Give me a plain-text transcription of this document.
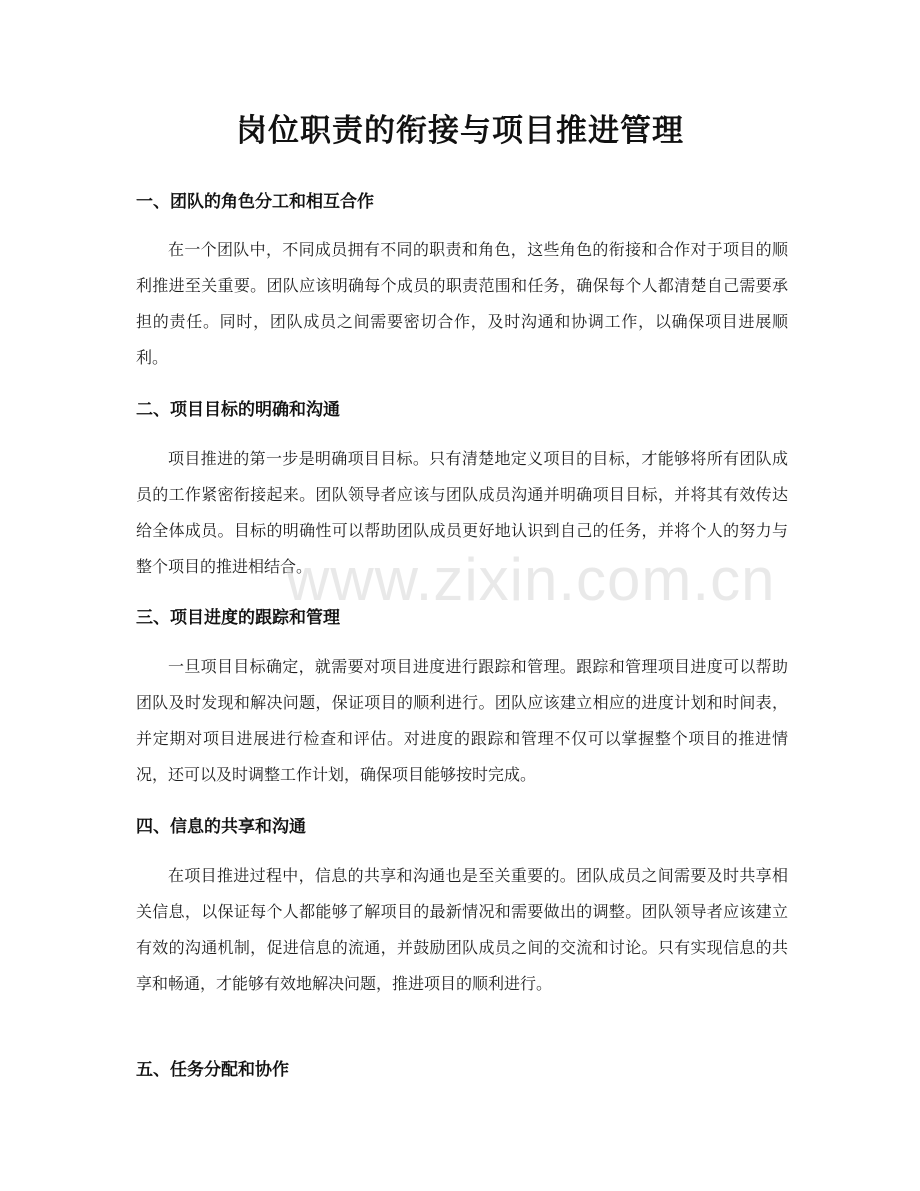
岗位职责的衔接与项目推进管理
一、团队的角色分工和相互合作

在一个团队中，不同成员拥有不同的职责和角色，这些角色的衔接和合作对于项目的顺利推进至关重要。团队应该明确每个成员的职责范围和任务，确保每个人都清楚自己需要承担的责任。同时，团队成员之间需要密切合作，及时沟通和协调工作，以确保项目进展顺利。

二、项目目标的明确和沟通

项目推进的第一步是明确项目目标。只有清楚地定义项目的目标，才能够将所有团队成员的工作紧密衔接起来。团队领导者应该与团队成员沟通并明确项目目标，并将其有效传达给全体成员。目标的明确性可以帮助团队成员更好地认识到自己的任务，并将个人的努力与整个项目的推进相结合。

三、项目进度的跟踪和管理

一旦项目目标确定，就需要对项目进度进行跟踪和管理。跟踪和管理项目进度可以帮助团队及时发现和解决问题，保证项目的顺利进行。团队应该建立相应的进度计划和时间表，并定期对项目进展进行检查和评估。对进度的跟踪和管理不仅可以掌握整个项目的推进情况，还可以及时调整工作计划，确保项目能够按时完成。

四、信息的共享和沟通

在项目推进过程中，信息的共享和沟通也是至关重要的。团队成员之间需要及时共享相关信息，以保证每个人都能够了解项目的最新情况和需要做出的调整。团队领导者应该建立有效的沟通机制，促进信息的流通，并鼓励团队成员之间的交流和讨论。只有实现信息的共享和畅通，才能够有效地解决问题，推进项目的顺利进行。

五、任务分配和协作

www.zixin.com.cn
